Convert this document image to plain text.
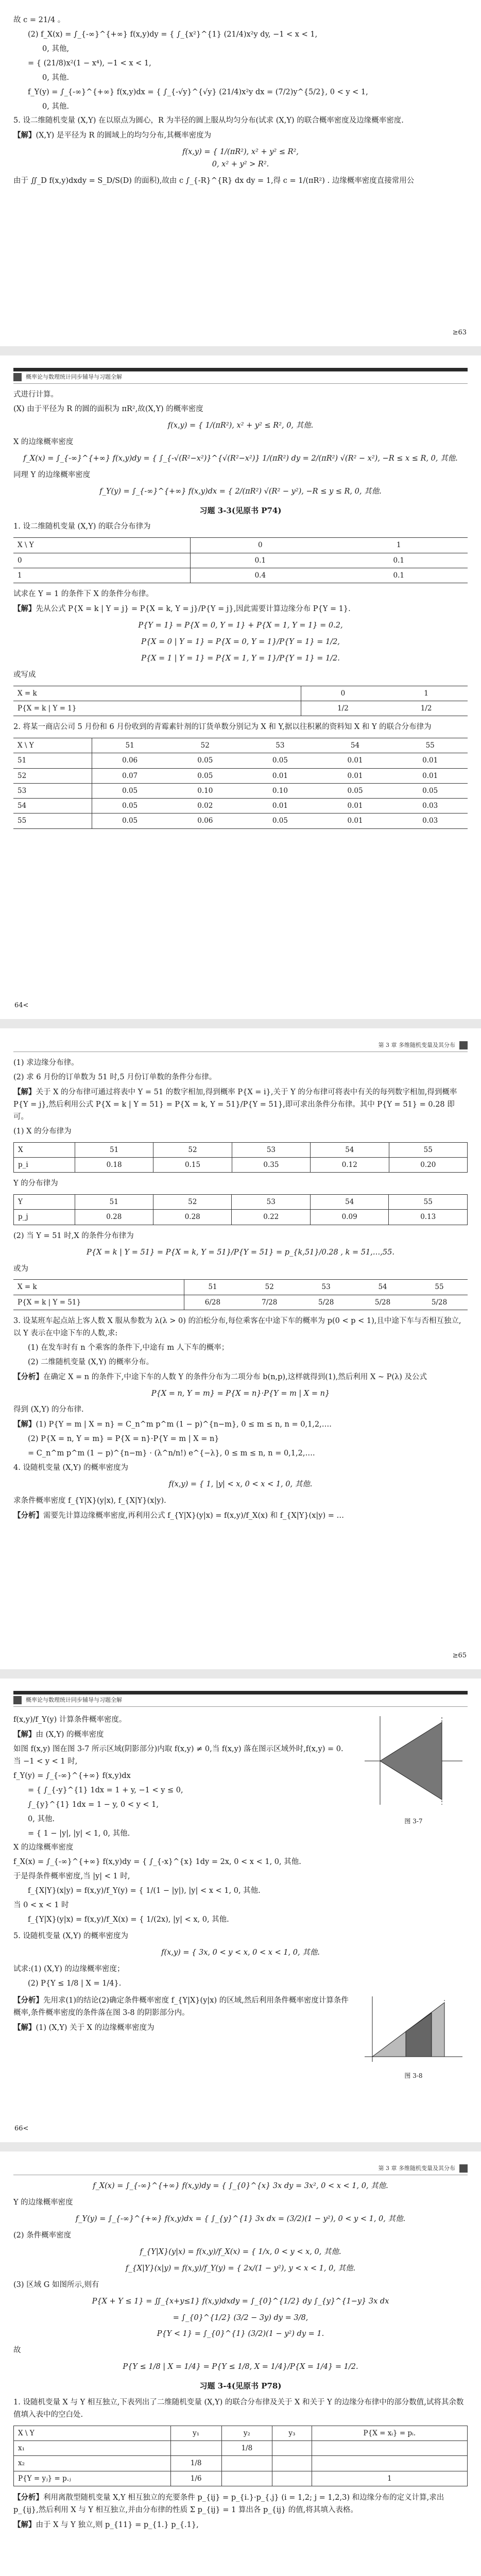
故 c = 21/4 。

(2) f_X(x) = ∫_{-∞}^{+∞} f(x,y)dy = { ∫_{x²}^{1} (21/4)x²y dy, −1 < x < 1,

0, 其他,

= { (21/8)x²(1 − x⁴), −1 < x < 1,

0, 其他.

f_Y(y) = ∫_{-∞}^{+∞} f(x,y)dx = { ∫_{-√y}^{√y} (21/4)x²y dx = (7/2)y^{5/2}, 0 < y < 1,

0, 其他.

5. 设二维随机变量 (X,Y) 在以原点为圆心，R 为半径的圆上服从均匀分布(试求 (X,Y) 的联合概率密度及边缘概率密度.

【解】(X,Y) 是平径为 R 的圆域上的均匀分布,其概率密度为

f(x,y) = { 1/(πR²), x² + y² ≤ R²,
0, x² + y² > R².

由于 ∬_D f(x,y)dxdy = S_D/S(D) 的面积),故由 c ∫_{-R}^{R} dx dy = 1,得 c = 1/(πR²) . 边缘概率密度直接常用公

≥63
概率论与数理统计同步辅导与习题全解

式进行计算。

(X) 由于平径为 R 的圆的面积为 πR²,故(X,Y) 的概率密度

f(x,y) = { 1/(πR²), x² + y² ≤ R², 0, 其他.

X 的边缘概率密度

f_X(x) = ∫_{-∞}^{+∞} f(x,y)dy = { ∫_{-√(R²−x²)}^{√(R²−x²)} 1/(πR²) dy = 2/(πR²) √(R² − x²), −R ≤ x ≤ R, 0, 其他.

同理 Y 的边缘概率密度

f_Y(y) = ∫_{-∞}^{+∞} f(x,y)dx = { 2/(πR²) √(R² − y²), −R ≤ y ≤ R, 0, 其他.
习题 3-3(见原书 P74)

1. 设二维随机变量 (X,Y) 的联合分布律为

X \ Y	0	1
0	0.1	0.1
1	0.4	0.1

试求在 Y = 1 的条件下 X 的条件分布律。

【解】先从公式 P{X = k | Y = j} = P{X = k, Y = j}/P{Y = j},因此需要计算边缘分布 P{Y = 1}.

P{Y = 1} = P{X = 0, Y = 1} + P{X = 1, Y = 1} = 0.2,
P{X = 0 | Y = 1} = P{X = 0, Y = 1}/P{Y = 1} = 1/2,
P{X = 1 | Y = 1} = P{X = 1, Y = 1}/P{Y = 1} = 1/2.

或写成

X = k	0	1
P{X = k | Y = 1}	1/2	1/2

2. 将某一商店公司 5 月份和 6 月份收到的青霉素针剂的订货单数分别记为 X 和 Y,据以往积累的资料知 X 和 Y 的联合分布律为

X \ Y	51	52	53	54	55
51	0.06	0.05	0.05	0.01	0.01
52	0.07	0.05	0.01	0.01	0.01
53	0.05	0.10	0.10	0.05	0.05
54	0.05	0.02	0.01	0.01	0.03
55	0.05	0.06	0.05	0.01	0.03
64<
第 3 章 多维随机变量及其分布

(1) 求边缘分布律。

(2) 求 6 月份的订单数为 51 时,5 月份订单数的条件分布律。

【解】关于 X 的分布律可通过将表中 Y = 51 的数字相加,得到概率 P{X = i},关于 Y 的分布律可将表中有关的每列数字相加,得到概率 P{Y = j},然后利用公式 P{X = k | Y = 51} = P{X = k, Y = 51}/P{Y = 51},即可求出条件分布律。其中 P{Y = 51} = 0.28 即可。

(1) X 的分布律为

X	51	52	53	54	55
p_i	0.18	0.15	0.35	0.12	0.20

Y 的分布律为

Y	51	52	53	54	55
p_j	0.28	0.28	0.22	0.09	0.13

(2) 当 Y = 51 时,X 的条件分布律为

P{X = k | Y = 51} = P{X = k, Y = 51}/P{Y = 51} = p_{k,51}/0.28 , k = 51,…,55.

或为

X = k	51	52	53	54	55
P{X = k | Y = 51}	6/28	7/28	5/28	5/28	5/28

3. 设某班车起点站上客人数 X 服从参数为 λ(λ > 0) 的泊松分布,每位乘客在中途下车的概率为 p(0 < p < 1),且中途下车与否相互独立,以 Y 表示在中途下车的人数,求:

(1) 在发车时有 n 个乘客的条件下,中途有 m 人下车的概率；

(2) 二维随机变量 (X,Y) 的概率分布。

【分析】在确定 X = n 的条件下,中途下车的人数 Y 的条件分布为二项分布 b(n,p),这样就得到(1),然后利用 X ~ P(λ) 及公式

P{X = n, Y = m} = P{X = n}·P{Y = m | X = n}

得到 (X,Y) 的分布律.

【解】(1) P{Y = m | X = n} = C_n^m p^m (1 − p)^{n−m}, 0 ≤ m ≤ n, n = 0,1,2,….

(2) P{X = n, Y = m} = P{X = n}·P{Y = m | X = n}

= C_n^m p^m (1 − p)^{n−m} · (λ^n/n!) e^{−λ}, 0 ≤ m ≤ n, n = 0,1,2,….

4. 设随机变量 (X,Y) 的概率密度为

f(x,y) = { 1, |y| < x, 0 < x < 1, 0, 其他.

求条件概率密度 f_{Y|X}(y|x), f_{X|Y}(x|y).

【分析】需要先计算边缘概率密度,再利用公式 f_{Y|X}(y|x) = f(x,y)/f_X(x) 和 f_{X|Y}(x|y) = …

≥65
概率论与数理统计同步辅导与习题全解

f(x,y)/f_Y(y) 计算条件概率密度。

【解】由 (X,Y) 的概率密度

如图 f(x,y) 图在图 3-7 所示区域(阴影部分)内取 f(x,y) ≠ 0,当 f(x,y) 落在图示区域外时,f(x,y) = 0.当 −1 < y < 1 时,

f_Y(y) = ∫_{-∞}^{+∞} f(x,y)dx

= { ∫_{-y}^{1} 1dx = 1 + y, −1 < y ≤ 0,

∫_{y}^{1} 1dx = 1 − y, 0 < y < 1,

0, 其他.

= { 1 − |y|, |y| < 1, 0, 其他.

X 的边缘概率密度

f_X(x) = ∫_{-∞}^{+∞} f(x,y)dy = { ∫_{-x}^{x} 1dy = 2x, 0 < x < 1, 0, 其他.

于是得条件概率密度,当 |y| < 1 时,

f_{X|Y}(x|y) = f(x,y)/f_Y(y) = { 1/(1 − |y|), |y| < x < 1, 0, 其他.

当 0 < x < 1 时

f_{Y|X}(y|x) = f(x,y)/f_X(x) = { 1/(2x), |y| < x, 0, 其他.

图 3-7

5. 设随机变量 (X,Y) 的概率密度为

f(x,y) = { 3x, 0 < y < x, 0 < x < 1, 0, 其他.

试求:(1) (X,Y) 的边缘概率密度；

(2) P{Y ≤ 1/8 | X = 1/4}.

【分析】先用求(1)的结论(2)确定条件概率密度 f_{Y|X}(y|x) 的区域,然后利用条件概率密度计算条件概率,条件概率密度的条件落在图 3-8 的阴影部分内。

【解】(1) (X,Y) 关于 X 的边缘概率密度为

图 3-8
66<
第 3 章 多维随机变量及其分布
f_X(x) = ∫_{-∞}^{+∞} f(x,y)dy = { ∫_{0}^{x} 3x dy = 3x², 0 < x < 1, 0, 其他.

Y 的边缘概率密度

f_Y(y) = ∫_{-∞}^{+∞} f(x,y)dx = { ∫_{y}^{1} 3x dx = (3/2)(1 − y²), 0 < y < 1, 0, 其他.

(2) 条件概率密度

f_{Y|X}(y|x) = f(x,y)/f_X(x) = { 1/x, 0 < y < x, 0, 其他.
f_{X|Y}(x|y) = f(x,y)/f_Y(y) = { 2x/(1 − y²), y < x < 1, 0, 其他.

(3) 区域 G 如图所示,则有

P{X + Y ≤ 1} = ∬_{x+y≤1} f(x,y)dxdy = ∫_{0}^{1/2} dy ∫_{y}^{1−y} 3x dx
= ∫_{0}^{1/2} (3/2 − 3y) dy = 3/8,
P{Y < 1} = ∫_{0}^{1} (3/2)(1 − y²) dy = 1.

故

P{Y ≤ 1/8 | X = 1/4} = P{Y ≤ 1/8, X = 1/4}/P{X = 1/4} = 1/2.
习题 3-4(见原书 P78)

1. 设随机变量 X 与 Y 相互独立,下表列出了二维随机变量 (X,Y) 的联合分布律及关于 X 和关于 Y 的边缘分布律中的部分数值,试将其余数值填入表中的空白处.

X \ Y	y₁	y₂	y₃	P{X = xᵢ} = pᵢ.
x₁		1/8		
x₂	1/8			
P{Y = yⱼ} = p.ⱼ	1/6			1

【分析】利用离散型随机变量 X,Y 相互独立的充要条件 p_{ij} = p_{i.}·p_{.j} (i = 1,2; j = 1,2,3) 和边缘分布的定义计算,求出 p_{ij},然后利用 X 与 Y 相互独立,并由分布律的性质 Σ p_{ij} = 1 算出各 p_{ij} 的值,将其填入表格。

【解】由于 X 与 Y 独立,则 p_{11} = p_{1.} p_{.1},
